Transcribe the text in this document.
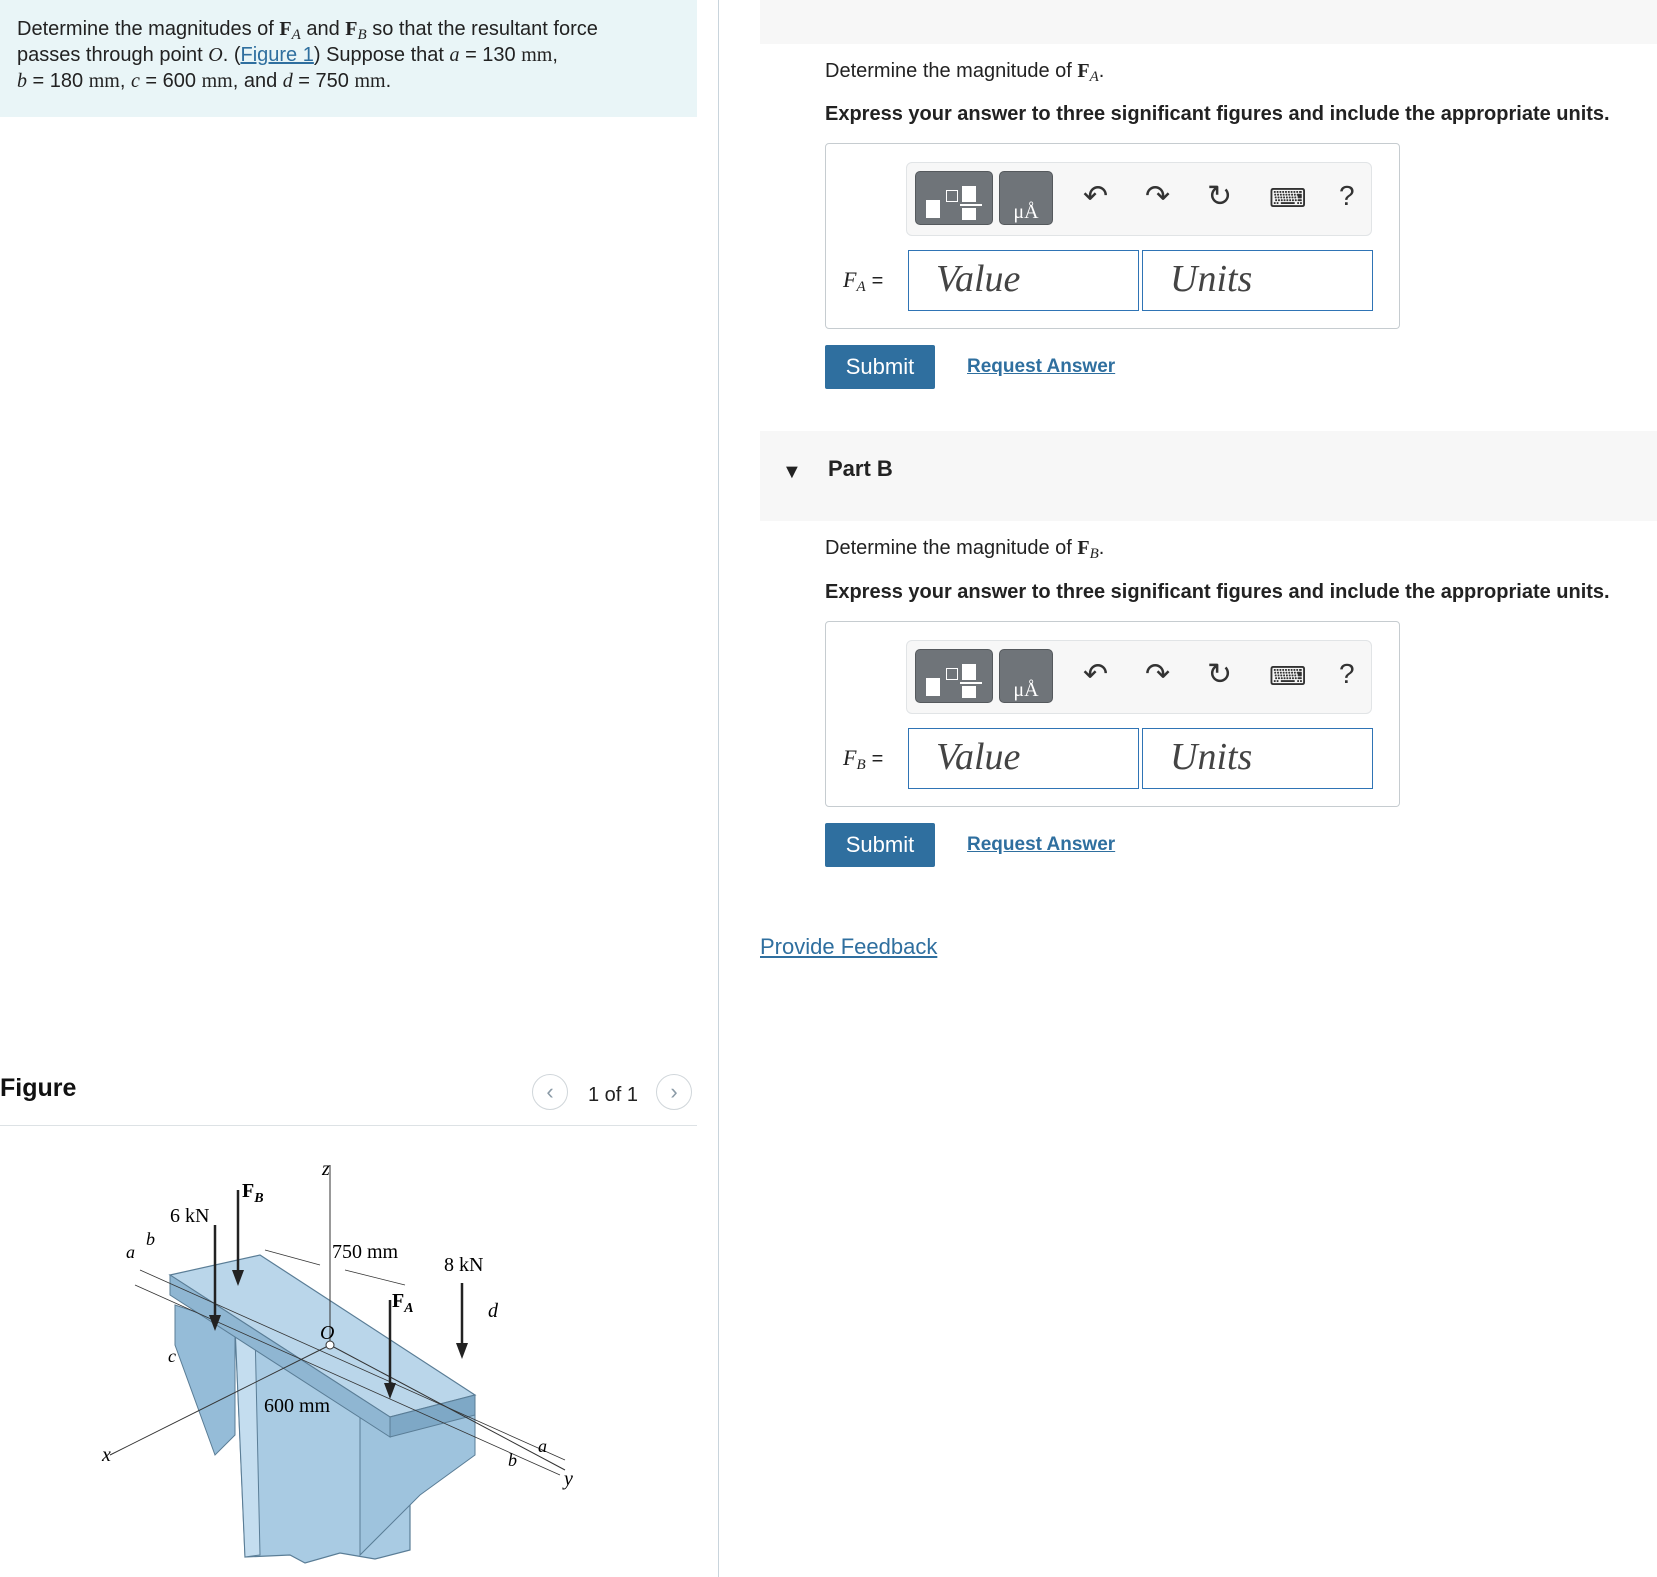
Determine the magnitudes of $F_A$ and $F_B$ so that the resultant force
passes through point O. (Figure 1) Suppose that a = 130 mm,
b = 180 mm, c = 600 mm, and d = 750 mm.
Figure	‹	1 of 1	›
z
x
y
$F_B$
$F_A$
6 kN
8 kN
750 mm
600 mm
O
a
b
c
d
a
b
Determine the magnitude of $F_A$.
Express your answer to three significant figures and include the appropriate units.
μÅ	↶ ↷ ↻ ⌨ ?
$F_A$ =	Value	Units
Submit	Request Answer
▼ Part B
Determine the magnitude of $F_B$.
Express your answer to three significant figures and include the appropriate units.
μÅ	↶ ↷ ↻ ⌨ ?
$F_B$ =	Value	Units
Submit	Request Answer
Provide Feedback
